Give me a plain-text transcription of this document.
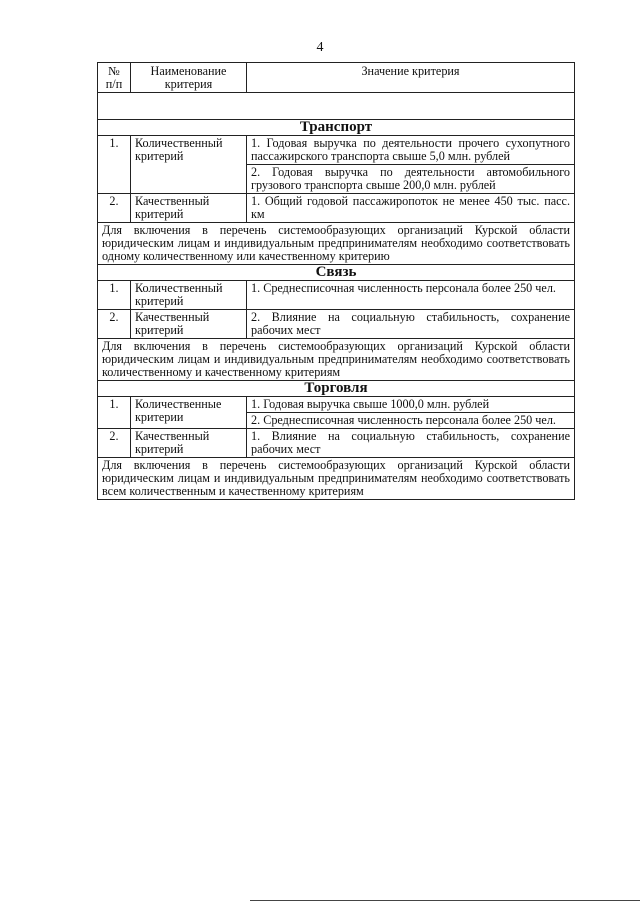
4
№ п/п	Наименование критерия	Значение критерия

Транспорт		
1.	Количественный критерий	1. Годовая выручка по деятельности прочего сухопутного пассажирского транспорта свыше 5,0 млн. рублей
		2. Годовая выручка по деятельности автомобильного грузового транспорта свыше 200,0 млн. рублей
2.	Качественный критерий	1. Общий годовой пассажиропоток не менее 450 тыс. пасс. км
Для включения в перечень системообразующих организаций Курской области юридическим лицам и индивидуальным предпринимателям необходимо соответствовать одному количественному или качественному критерию		
Связь		
1.	Количественный критерий	1. Среднесписочная численность персонала более 250 чел.
2.	Качественный критерий	2. Влияние на социальную стабильность, сохранение рабочих мест
Для включения в перечень системообразующих организаций Курской области юридическим лицам и индивидуальным предпринимателям необходимо соответствовать количественному и качественному критериям		
Торговля		
1.	Количественные критерии	1. Годовая выручка свыше 1000,0 млн. рублей
		2. Среднесписочная численность персонала более 250 чел.
2.	Качественный критерий	1. Влияние на социальную стабильность, сохранение рабочих мест
Для включения в перечень системообразующих организаций Курской области юридическим лицам и индивидуальным предпринимателям необходимо соответствовать всем количественным и качественному критериям		
